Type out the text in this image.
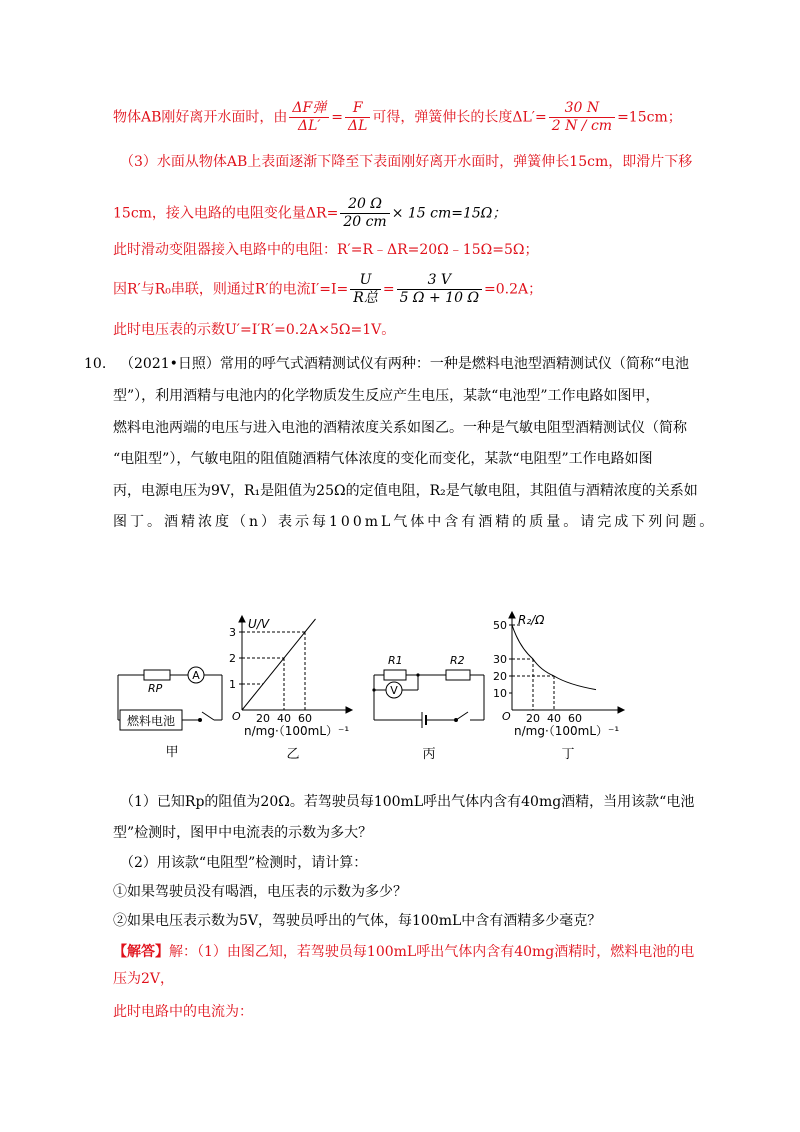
物体AB刚好离开水面时，由 $\frac{\text{ΔF弹}}{\Delta L'} = \frac{F}{\Delta L}$ 可得，弹簧伸长的长度$\Delta L'= \frac{30 N}{2 N / cm} =15cm$；
（3）水面从物体AB上表面逐渐下降至下表面刚好离开水面时，弹簧伸长15cm，即滑片下移
15cm，接入电路的电阻变化量$\Delta R= \frac{20 \Omega}{20 cm} \times 15$ cm=15Ω；
此时滑动变阻器接入电路中的电阻：R′=R﹣ΔR=20Ω﹣15Ω=5Ω；
因R′与R₀串联，则通过R′的电流$I'=I= \frac{U}{\text{R总}} = \frac{3 V}{5 \Omega + 10 \Omega} =0.2A$；
此时电压表的示数U′=I′R′=0.2A×5Ω=1V。
10. （2021•日照）常用的呼气式酒精测试仪有两种：一种是燃料电池型酒精测试仪（简称“电池
型”），利用酒精与电池内的化学物质发生反应产生电压，某款“电池型”工作电路如图甲，
燃料电池两端的电压与进入电池的酒精浓度关系如图乙。一种是气敏电阻型酒精测试仪（简称
“电阻型”），气敏电阻的阻值随酒精气体浓度的变化而变化，某款“电阻型”工作电路如图
丙，电源电压为9V，R₁是阻值为25Ω的定值电阻，R₂是气敏电阻，其阻值与酒精浓度的关系如
图丁。酒精浓度（n）表示每100mL气体中含有酒精的质量。请完成下列问题。
A
RP
燃料电池
甲
1
2
3
20 40 60
U/V
O
n/mg·（100mL）⁻¹
乙
V
R1	R2
丙
10
20
30
50
20 40 60
R₂/Ω
O
n/mg·（100mL）⁻¹
丁
（1）已知Rp的阻值为20Ω。若驾驶员每100mL呼出气体内含有40mg酒精，当用该款“电池
型”检测时，图甲中电流表的示数为多大？
（2）用该款“电阻型”检测时，请计算：
①如果驾驶员没有喝酒，电压表的示数为多少？
②如果电压表示数为5V，驾驶员呼出的气体，每100mL中含有酒精多少毫克？
【解答】解：（1）由图乙知，若驾驶员每100mL呼出气体内含有40mg酒精时，燃料电池的电
压为2V，
此时电路中的电流为：
